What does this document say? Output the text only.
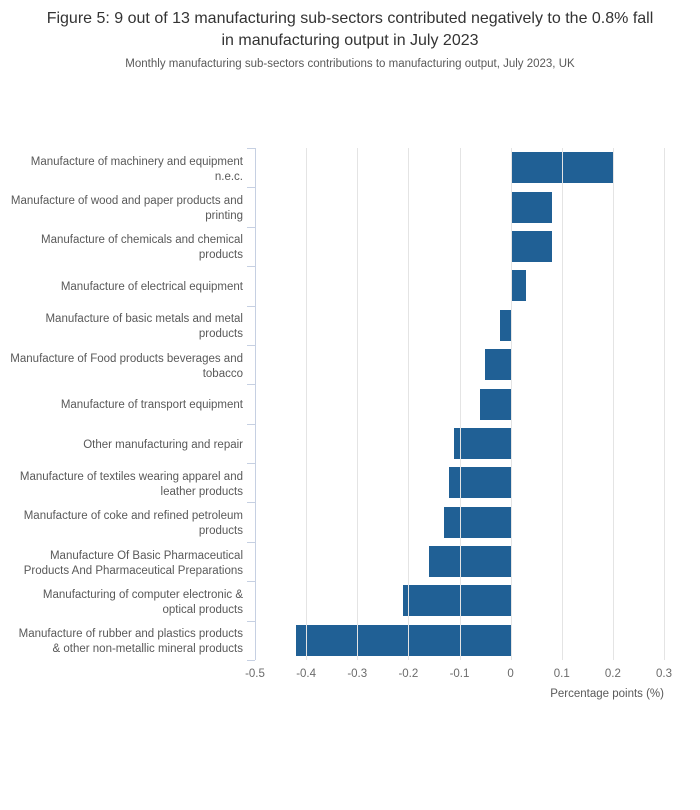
Figure 5: 9 out of 13 manufacturing sub-sectors contributed negatively to the 0.8% fall in manufacturing output in July 2023
Monthly manufacturing sub-sectors contributions to manufacturing output, July 2023, UK
Manufacture of machinery and equipment n.e.c.
Manufacture of wood and paper products and printing
Manufacture of chemicals and chemical products
Manufacture of electrical equipment
Manufacture of basic metals and metal products
Manufacture of Food products beverages and tobacco
Manufacture of transport equipment
Other manufacturing and repair
Manufacture of textiles wearing apparel and leather products
Manufacture of coke and refined petroleum products
Manufacture Of Basic Pharmaceutical Products And Pharmaceutical Preparations
Manufacturing of computer electronic & optical products
Manufacture of rubber and plastics products & other non-metallic mineral products
-0.5	-0.4	-0.3	-0.2	-0.1	0	0.1	0.2	0.3
Percentage points (%)
